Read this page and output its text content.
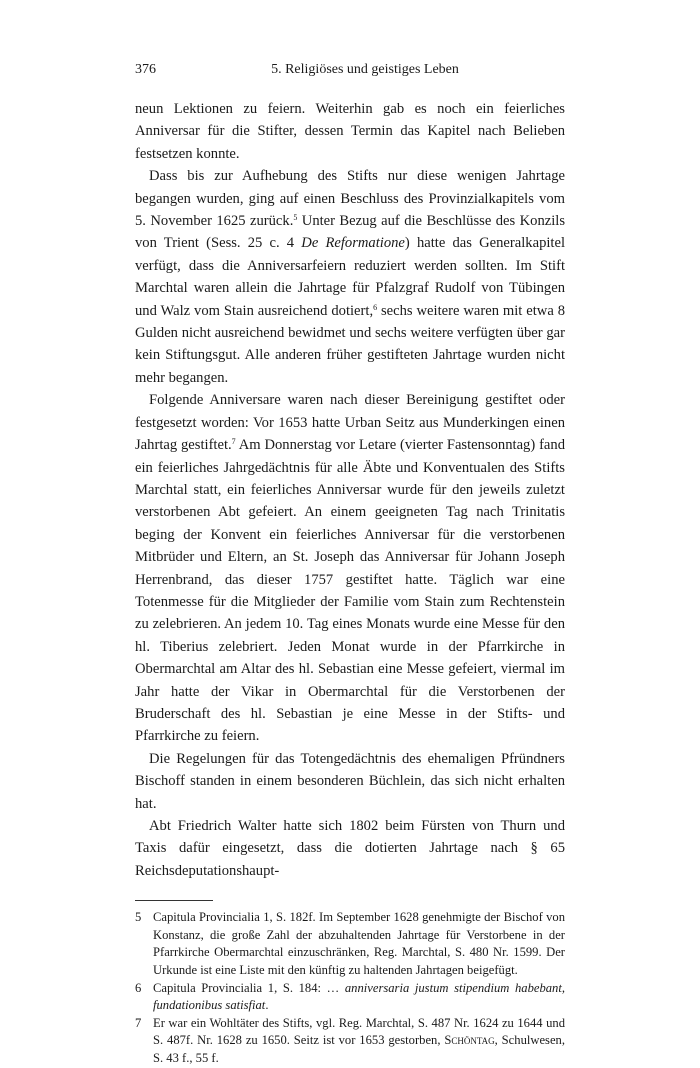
376	5. Religiöses und geistiges Leben

neun Lektionen zu feiern. Weiterhin gab es noch ein feierliches Anniversar für die Stifter, dessen Termin das Kapitel nach Belieben festsetzen konnte.

Dass bis zur Aufhebung des Stifts nur diese wenigen Jahrtage begangen wurden, ging auf einen Beschluss des Provinzialkapitels vom 5. November 1625 zurück.$^5$ Unter Bezug auf die Beschlüsse des Konzils von Trient (Sess. 25 c. 4 De Reformatione) hatte das Generalkapitel verfügt, dass die Anniversarfeiern reduziert werden sollten. Im Stift Marchtal waren allein die Jahrtage für Pfalzgraf Rudolf von Tübingen und Walz vom Stain ausreichend dotiert,$^6$ sechs weitere waren mit etwa 8 Gulden nicht ausreichend bewidmet und sechs weitere verfügten über gar kein Stiftungsgut. Alle anderen früher gestifteten Jahrtage wurden nicht mehr begangen.

Folgende Anniversare waren nach dieser Bereinigung gestiftet oder festgesetzt worden: Vor 1653 hatte Urban Seitz aus Munderkingen einen Jahrtag gestiftet.$^7$ Am Donnerstag vor Letare (vierter Fastensonntag) fand ein feierliches Jahrgedächtnis für alle Äbte und Konventualen des Stifts Marchtal statt, ein feierliches Anniversar wurde für den jeweils zuletzt verstorbenen Abt gefeiert. An einem geeigneten Tag nach Trinitatis beging der Konvent ein feierliches Anniversar für die verstorbenen Mitbrüder und Eltern, an St. Joseph das Anniversar für Johann Joseph Herrenbrand, das dieser 1757 gestiftet hatte. Täglich war eine Totenmesse für die Mitglieder der Familie vom Stain zum Rechtenstein zu zelebrieren. An jedem 10. Tag eines Monats wurde eine Messe für den hl. Tiberius zelebriert. Jeden Monat wurde in der Pfarrkirche in Obermarchtal am Altar des hl. Sebastian eine Messe gefeiert, viermal im Jahr hatte der Vikar in Obermarchtal für die Verstorbenen der Bruderschaft des hl. Sebastian je eine Messe in der Stifts- und Pfarrkirche zu feiern.

Die Regelungen für das Totengedächtnis des ehemaligen Pfründners Bischoff standen in einem besonderen Büchlein, das sich nicht erhalten hat.

Abt Friedrich Walter hatte sich 1802 beim Fürsten von Thurn und Taxis dafür eingesetzt, dass die dotierten Jahrtage nach § 65 Reichsdeputationshaupt-

5 Capitula Provincialia 1, S. 182f. Im September 1628 genehmigte der Bischof von Konstanz, die große Zahl der abzuhaltenden Jahrtage für Verstorbene in der Pfarrkirche Obermarchtal einzuschränken, Reg. Marchtal, S. 480 Nr. 1599. Der Urkunde ist eine Liste mit den künftig zu haltenden Jahrtagen beigefügt.
6 Capitula Provincialia 1, S. 184: … anniversaria justum stipendium habebant, fundationibus satisfiat.
7 Er war ein Wohltäter des Stifts, vgl. Reg. Marchtal, S. 487 Nr. 1624 zu 1644 und S. 487f. Nr. 1628 zu 1650. Seitz ist vor 1653 gestorben, Schöntag, Schulwesen, S. 43 f., 55 f.
